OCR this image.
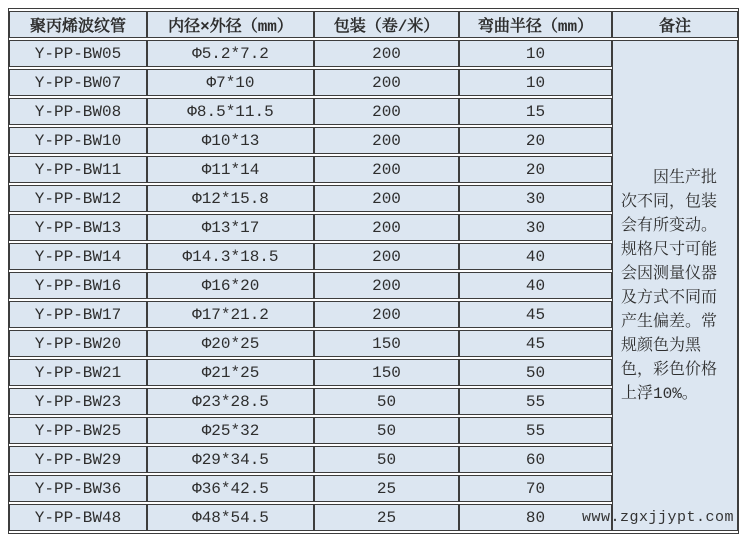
聚丙烯波纹管	内径×外径（mm）	包装（卷/米）	弯曲半径（mm）	备注
Y-PP-BW05	Φ5.2*7.2	200	10	因生产批次不同，包装会有所变动。规格尺寸可能会因测量仪器及方式不同而产生偏差。常规颜色为黑色，彩色价格上浮10%。

Y-PP-BW07	Φ7*10	200	10	
Y-PP-BW08	Φ8.5*11.5	200	15	
Y-PP-BW10	Φ10*13	200	20	
Y-PP-BW11	Φ11*14	200	20	
Y-PP-BW12	Φ12*15.8	200	30	
Y-PP-BW13	Φ13*17	200	30	
Y-PP-BW14	Φ14.3*18.5	200	40	
Y-PP-BW16	Φ16*20	200	40	
Y-PP-BW17	Φ17*21.2	200	45	
Y-PP-BW20	Φ20*25	150	45	
Y-PP-BW21	Φ21*25	150	50	
Y-PP-BW23	Φ23*28.5	50	55	
Y-PP-BW25	Φ25*32	50	55	
Y-PP-BW29	Φ29*34.5	50	60	
Y-PP-BW36	Φ36*42.5	25	70	
Y-PP-BW48	Φ48*54.5	25	80	www.zgxjjypt.com
